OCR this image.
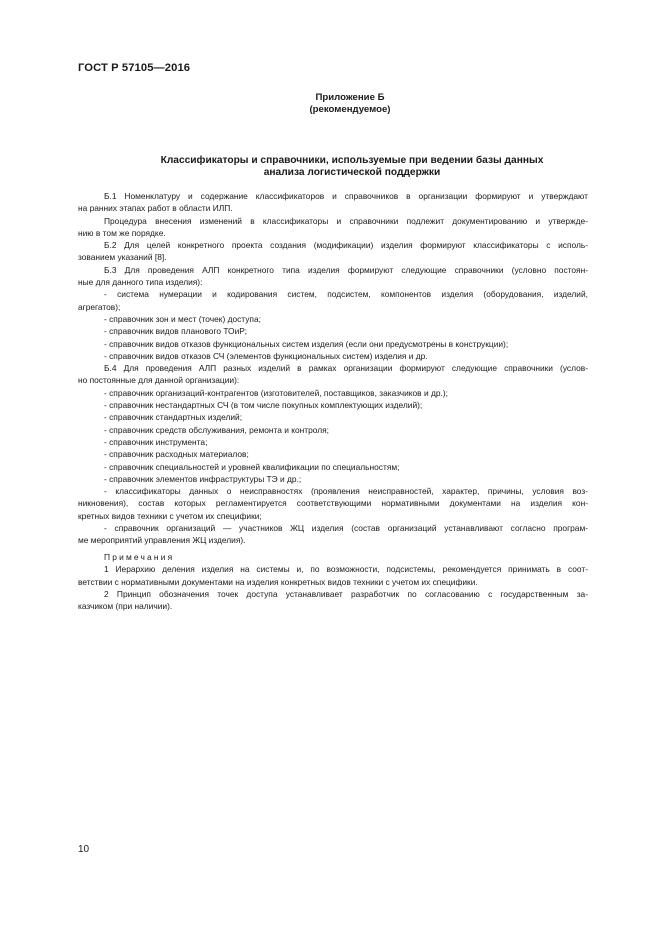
ГОСТ Р 57105—2016
Приложение Б
(рекомендуемое)
Классификаторы и справочники, используемые при ведении базы данных
анализа логистической поддержки
Б.1 Номенклатуру и содержание классификаторов и справочников в организации формируют и утверждают
на ранних этапах работ в области ИЛП.
Процедура внесения изменений в классификаторы и справочники подлежит документированию и утвержде-
нию в том же порядке.
Б.2 Для целей конкретного проекта создания (модификации) изделия формируют классификаторы с исполь-
зованием указаний [8].
Б.3 Для проведения АЛП конкретного типа изделия формируют следующие справочники (условно постоян-
ные для данного типа изделия):
- система нумерации и кодирования систем, подсистем, компонентов изделия (оборудования, изделий,
агрегатов);
- справочник зон и мест (точек) доступа;
- справочник видов планового ТОиР;
- справочник видов отказов функциональных систем изделия (если они предусмотрены в конструкции);
- справочник видов отказов СЧ (элементов функциональных систем) изделия и др.
Б.4 Для проведения АЛП разных изделий в рамках организации формируют следующие справочники (услов-
но постоянные для данной организации):
- справочник организаций-контрагентов (изготовителей, поставщиков, заказчиков и др.);
- справочник нестандартных СЧ (в том числе покупных комплектующих изделий);
- справочник стандартных изделий;
- справочник средств обслуживания, ремонта и контроля;
- справочник инструмента;
- справочник расходных материалов;
- справочник специальностей и уровней квалификации по специальностям;
- справочник элементов инфраструктуры ТЭ и др.;
- классификаторы данных о неисправностях (проявления неисправностей, характер, причины, условия воз-
никновения), состав которых регламентируется соответствующими нормативными документами на изделия кон-
кретных видов техники с учетом их специфики;
- справочник организаций — участников ЖЦ изделия (состав организаций устанавливают согласно програм-
ме мероприятий управления ЖЦ изделия).
Примечания
1 Иерархию деления изделия на системы и, по возможности, подсистемы, рекомендуется принимать в соот-
ветствии с нормативными документами на изделия конкретных видов техники с учетом их специфики.
2 Принцип обозначения точек доступа устанавливает разработчик по согласованию с государственным за-
казчиком (при наличии).
10
